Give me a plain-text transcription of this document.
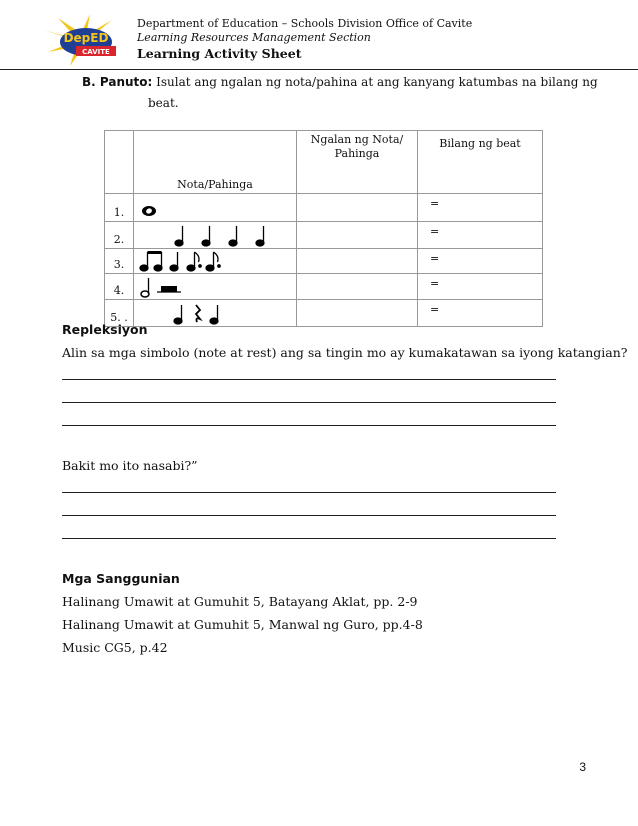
DepED
CAVITE
Department of Education – Schools Division Office of Cavite
Learning Resources Management Section
Learning Activity Sheet
B. Panuto: Isulat ang ngalan ng nota/pahina at ang kanyang katumbas na bilang ng
beat.
	Nota/Pahinga	Ngalan ng Nota/ Pahinga	Bilang ng beat
1.			=
2.			=
3.			=
4.			=
5. .			=
Repleksiyon
Alin sa mga simbolo (note at rest) ang sa tingin mo ay kumakatawan sa iyong katangian?
Bakit mo ito nasabi?”
Mga Sanggunian
Halinang Umawit at Gumuhit 5, Batayang Aklat, pp. 2-9
Halinang Umawit at Gumuhit 5, Manwal ng Guro, pp.4-8
Music CG5, p.42
3
